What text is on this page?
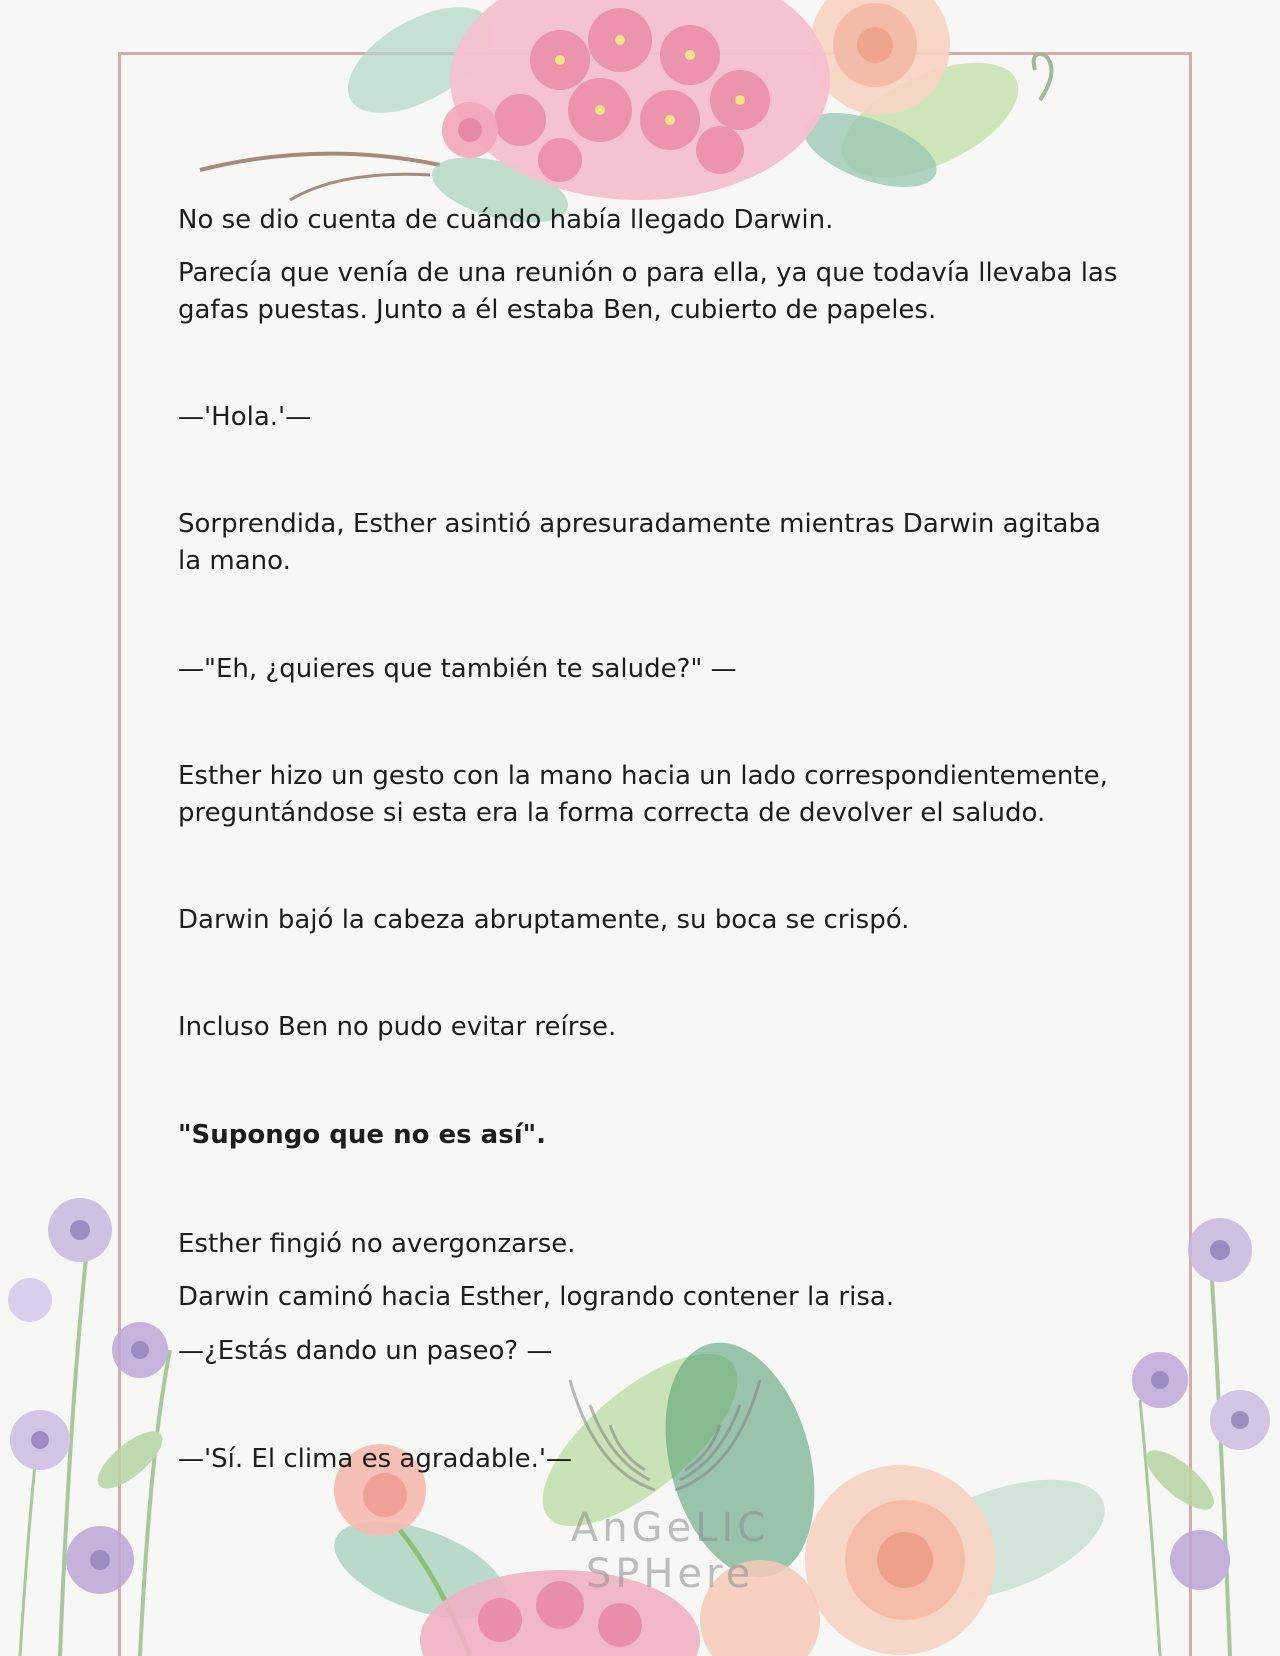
AnGeLIC SPHere

No se dio cuenta de cuándo había llegado Darwin.

Parecía que venía de una reunión o para ella, ya que todavía llevaba las gafas puestas. Junto a él estaba Ben, cubierto de papeles.

—'Hola.'—

Sorprendida, Esther asintió apresuradamente mientras Darwin agitaba la mano.

—"Eh, ¿quieres que también te salude?" —

Esther hizo un gesto con la mano hacia un lado correspondientemente, preguntándose si esta era la forma correcta de devolver el saludo.

Darwin bajó la cabeza abruptamente, su boca se crispó.

Incluso Ben no pudo evitar reírse.

"Supongo que no es así".

Esther fingió no avergonzarse.

Darwin caminó hacia Esther, logrando contener la risa.

—¿Estás dando un paseo? —

—'Sí. El clima es agradable.'—
